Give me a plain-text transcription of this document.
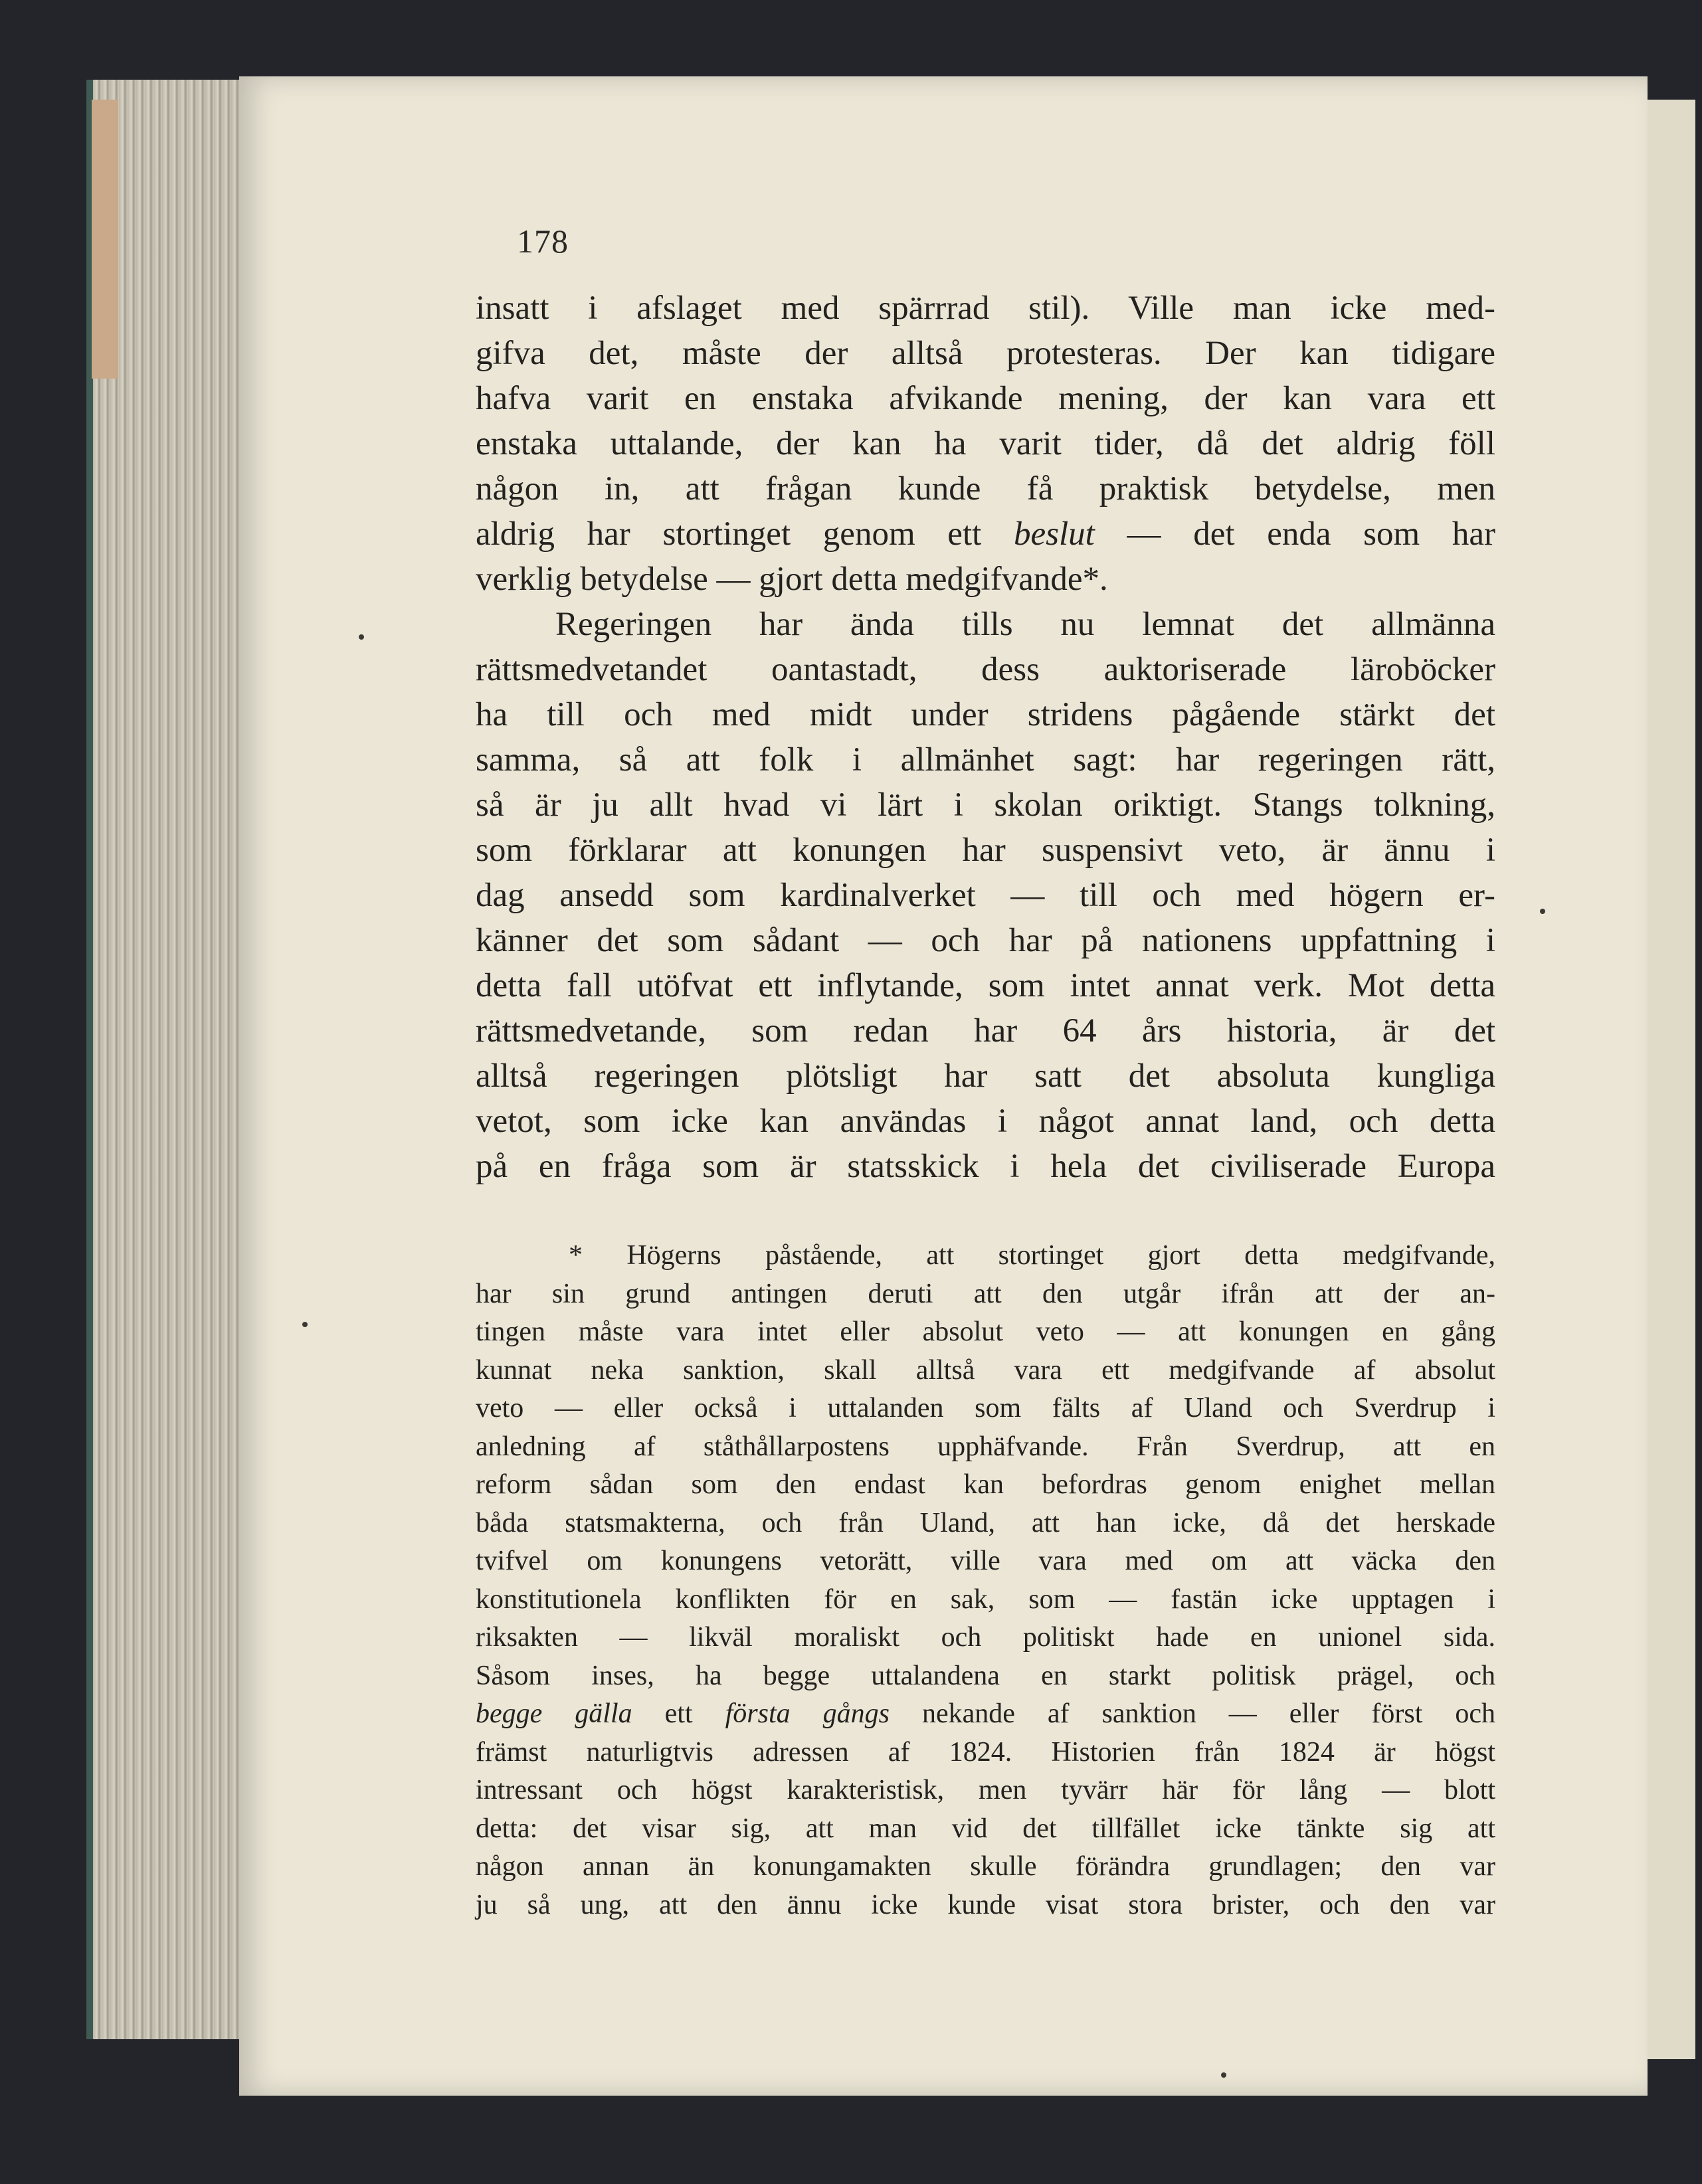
178
insatt i afslaget med spärrrad stil). Ville man icke med-
gifva det, måste der alltså protesteras. Der kan tidigare
hafva varit en enstaka afvikande mening, der kan vara ett
enstaka uttalande, der kan ha varit tider, då det aldrig föll
någon in, att frågan kunde få praktisk betydelse, men
aldrig har stortinget genom ett beslut — det enda som har
verklig betydelse — gjort detta medgifvande*.
Regeringen har ända tills nu lemnat det allmänna
rättsmedvetandet oantastadt, dess auktoriserade läroböcker
ha till och med midt under stridens pågående stärkt det
samma, så att folk i allmänhet sagt: har regeringen rätt,
så är ju allt hvad vi lärt i skolan oriktigt. Stangs tolkning,
som förklarar att konungen har suspensivt veto, är ännu i
dag ansedd som kardinalverket — till och med högern er-
känner det som sådant — och har på nationens uppfattning i
detta fall utöfvat ett inflytande, som intet annat verk. Mot detta
rättsmedvetande, som redan har 64 års historia, är det
alltså regeringen plötsligt har satt det absoluta kungliga
vetot, som icke kan användas i något annat land, och detta
på en fråga som är statsskick i hela det civiliserade Europa
* Högerns påstående, att stortinget gjort detta medgifvande,
har sin grund antingen deruti att den utgår ifrån att der an-
tingen måste vara intet eller absolut veto — att konungen en gång
kunnat neka sanktion, skall alltså vara ett medgifvande af absolut
veto — eller också i uttalanden som fälts af Uland och Sverdrup i
anledning af ståthållarpostens upphäfvande. Från Sverdrup, att en
reform sådan som den endast kan befordras genom enighet mellan
båda statsmakterna, och från Uland, att han icke, då det herskade
tvifvel om konungens vetorätt, ville vara med om att väcka den
konstitutionela konflikten för en sak, som — fastän icke upptagen i
riksakten — likväl moraliskt och politiskt hade en unionel sida.
Såsom inses, ha begge uttalandena en starkt politisk prägel, och
begge gälla ett första gångs nekande af sanktion — eller först och
främst naturligtvis adressen af 1824. Historien från 1824 är högst
intressant och högst karakteristisk, men tyvärr här för lång — blott
detta: det visar sig, att man vid det tillfället icke tänkte sig att
någon annan än konungamakten skulle förändra grundlagen; den var
ju så ung, att den ännu icke kunde visat stora brister, och den var
